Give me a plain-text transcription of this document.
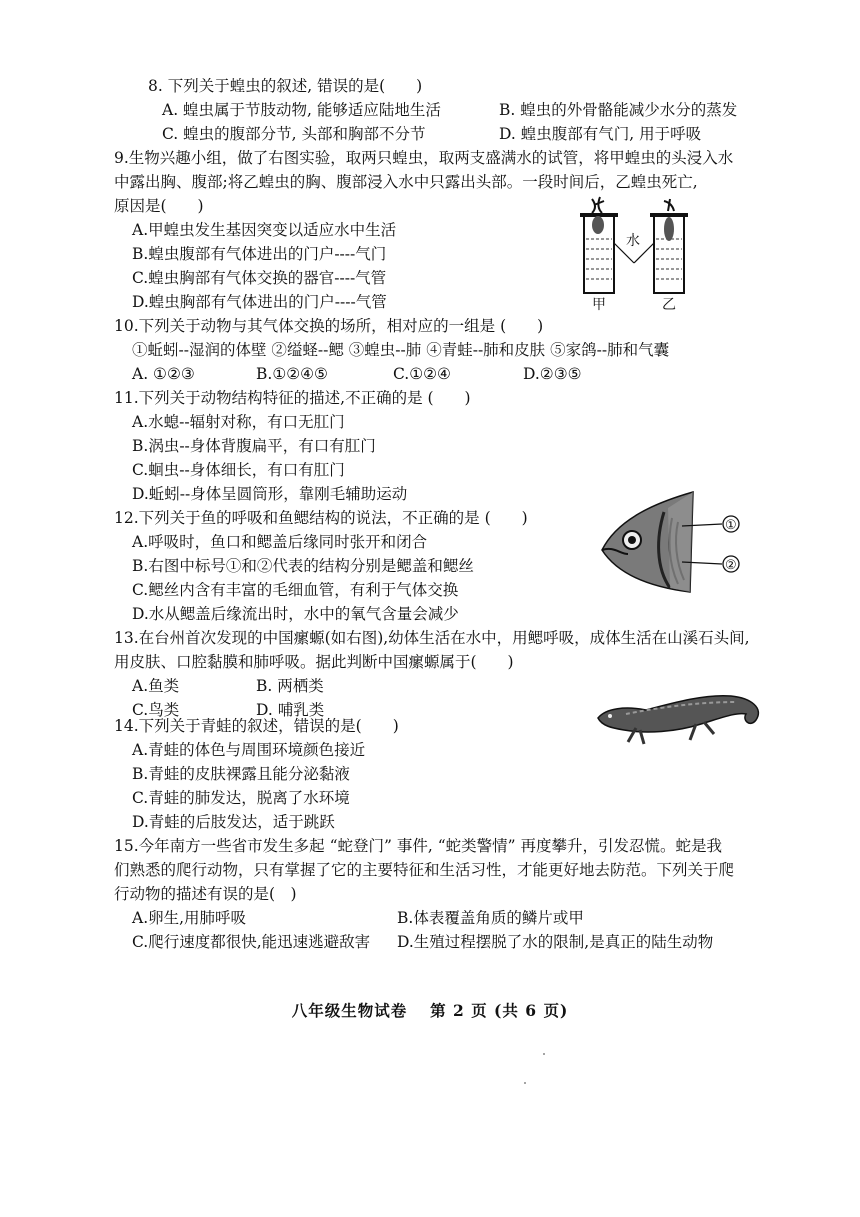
8. 下列关于蝗虫的叙述, 错误的是(　　)
A. 蝗虫属于节肢动物, 能够适应陆地生活	B. 蝗虫的外骨骼能减少水分的蒸发
C. 蝗虫的腹部分节, 头部和胸部不分节	D. 蝗虫腹部有气门, 用于呼吸
9.生物兴趣小组，做了右图实验，取两只蝗虫，取两支盛满水的试管，将甲蝗虫的头浸入水
中露出胸、腹部;将乙蝗虫的胸、腹部浸入水中只露出头部。一段时间后，乙蝗虫死亡,
原因是(　　)
A.甲蝗虫发生基因突变以适应水中生活
B.蝗虫腹部有气体进出的门户----气门
C.蝗虫胸部有气体交换的器官----气管
D.蝗虫胸部有气体进出的门户----气管
水
甲	乙
10.下列关于动物与其气体交换的场所，相对应的一组是 (　　)
①蚯蚓--湿润的体壁 ②缢蛏--鳃 ③蝗虫--肺 ④青蛙--肺和皮肤 ⑤家鸽--肺和气囊
A. ①②③	B.①②④⑤	C.①②④	D.②③⑤
11.下列关于动物结构特征的描述,不正确的是 (　　)
A.水螅--辐射对称，有口无肛门
B.涡虫--身体背腹扁平，有口有肛门
C.蛔虫--身体细长，有口有肛门
D.蚯蚓--身体呈圆筒形，靠刚毛辅助运动
12.下列关于鱼的呼吸和鱼鳃结构的说法，不正确的是 (　　)
A.呼吸时，鱼口和鳃盖后缘同时张开和闭合
B.右图中标号①和②代表的结构分别是鳃盖和鳃丝
C.鳃丝内含有丰富的毛细血管，有利于气体交换
D.水从鳃盖后缘流出时，水中的氧气含量会减少
①
②
13.在台州首次发现的中国瘰螈(如右图),幼体生活在水中，用鳃呼吸，成体生活在山溪石头间,
用皮肤、口腔黏膜和肺呼吸。据此判断中国瘰螈属于(　　)
A.鱼类	B. 两栖类
C.鸟类	D. 哺乳类
14.下列关于青蛙的叙述，错误的是(　　)
A.青蛙的体色与周围环境颜色接近
B.青蛙的皮肤裸露且能分泌黏液
C.青蛙的肺发达，脱离了水环境
D.青蛙的后肢发达，适于跳跃
15.今年南方一些省市发生多起 “蛇登门” 事件, “蛇类警情” 再度攀升，引发忍慌。蛇是我
们熟悉的爬行动物，只有掌握了它的主要特征和生活习性，才能更好地去防范。下列关于爬
行动物的描述有误的是(　)
A.卵生,用肺呼吸	B.体表覆盖角质的鳞片或甲
C.爬行速度都很快,能迅速逃避敌害 D.生殖过程摆脱了水的限制,是真正的陆生动物
八年级生物试卷　 第 2 页 (共 6 页)
